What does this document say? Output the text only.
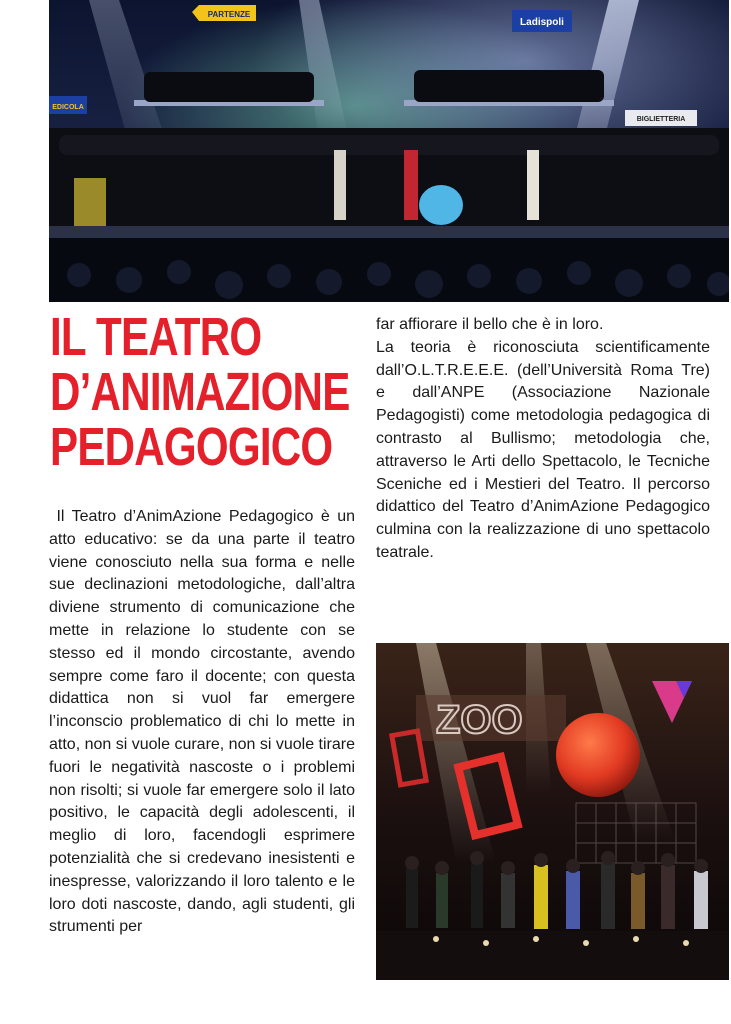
PARTENZE
Ladispoli
BIGLIETTERIA
EDICOLA
IL TEATRO
D’ANIMAZIONE
PEDAGOGICO

Il Teatro d’AnimAzione Pedagogico è un atto educativo: se da una parte il teatro viene conosciuto nella sua forma e nelle sue declinazioni metodologiche, dall’altra diviene strumento di comunicazione che mette in relazione lo studente con se stesso ed il mondo circostante, avendo sempre come faro il docente; con questa didattica non si vuol far emergere l’inconscio problematico di chi lo mette in atto, non si vuole curare, non si vuole tirare fuori le negatività nascoste o i problemi non risolti; si vuole far emergere solo il lato positivo, le capacità degli adolescenti, il meglio di loro, facendogli esprimere potenzialità che si credevano inesistenti e inespresse, valorizzando il loro talento e le loro doti nascoste, dando, agli studenti, gli strumenti per

far affiorare il bello che è in loro.

La teoria è riconosciuta scientificamente dall’O.L.T.R.E.E.E. (dell’Università Roma Tre) e dall’ANPE (Associazione Nazionale Pedagogisti) come metodologia pedagogica di contrasto al Bullismo; metodologia che, attraverso le Arti dello Spettacolo, le Tecniche Sceniche ed i Mestieri del Teatro. Il percorso didattico del Teatro d’AnimAzione Pedagogico culmina con la realizzazione di uno spettacolo teatrale.

ZOO
